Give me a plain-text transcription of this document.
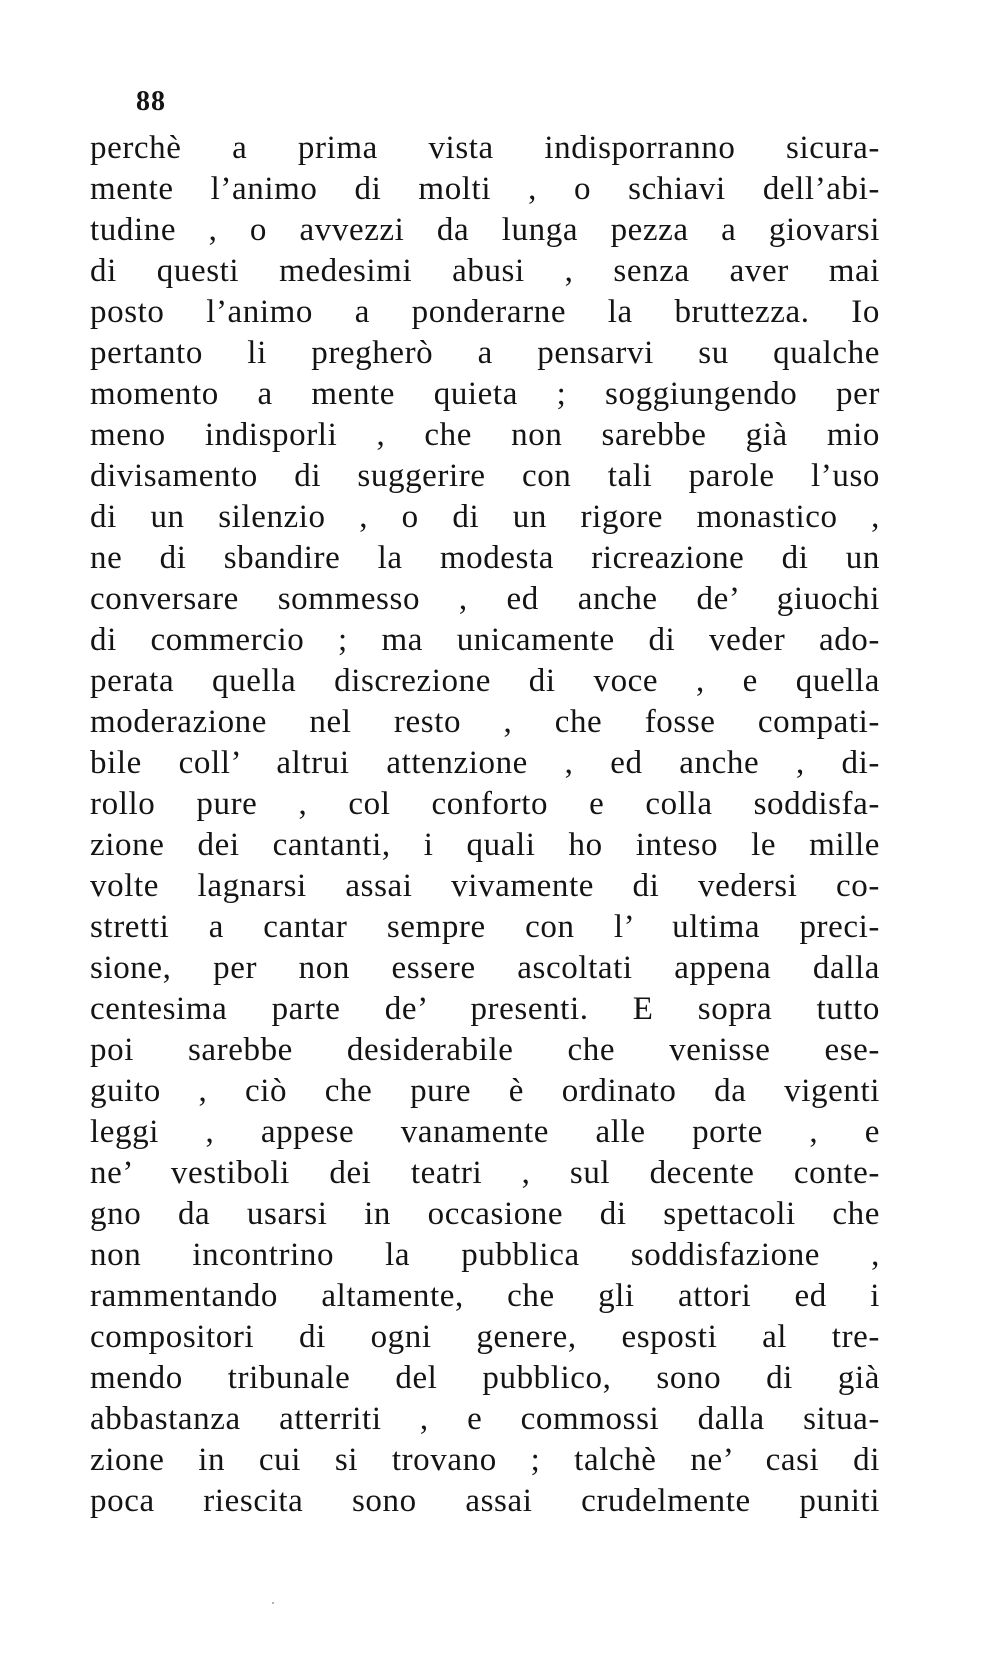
88
perchè a prima vista indisporranno sicura-
mente l’animo di molti , o schiavi dell’abi-
tudine , o avvezzi da lunga pezza a giovarsi
di questi medesimi abusi , senza aver mai
posto l’animo a ponderarne la bruttezza. Io
pertanto li pregherò a pensarvi su qualche
momento a mente quieta ; soggiungendo per
meno indisporli , che non sarebbe già mio
divisamento di suggerire con tali parole l’uso
di un silenzio , o di un rigore monastico ,
ne di sbandire la modesta ricreazione di un
conversare sommesso , ed anche de’ giuochi
di commercio ; ma unicamente di veder ado-
perata quella discrezione di voce , e quella
moderazione nel resto , che fosse compati-
bile coll’ altrui attenzione , ed anche , di-
rollo pure , col conforto e colla soddisfa-
zione dei cantanti, i quali ho inteso le mille
volte lagnarsi assai vivamente di vedersi co-
stretti a cantar sempre con l’ ultima preci-
sione, per non essere ascoltati appena dalla
centesima parte de’ presenti. E sopra tutto
poi sarebbe desiderabile che venisse ese-
guito , ciò che pure è ordinato da vigenti
leggi , appese vanamente alle porte , e
ne’ vestiboli dei teatri , sul decente conte-
gno da usarsi in occasione di spettacoli che
non incontrino la pubblica soddisfazione ,
rammentando altamente, che gli attori ed i
compositori di ogni genere, esposti al tre-
mendo tribunale del pubblico, sono di già
abbastanza atterriti , e commossi dalla situa-
zione in cui si trovano ; talchè ne’ casi di
poca riescita sono assai crudelmente puniti
